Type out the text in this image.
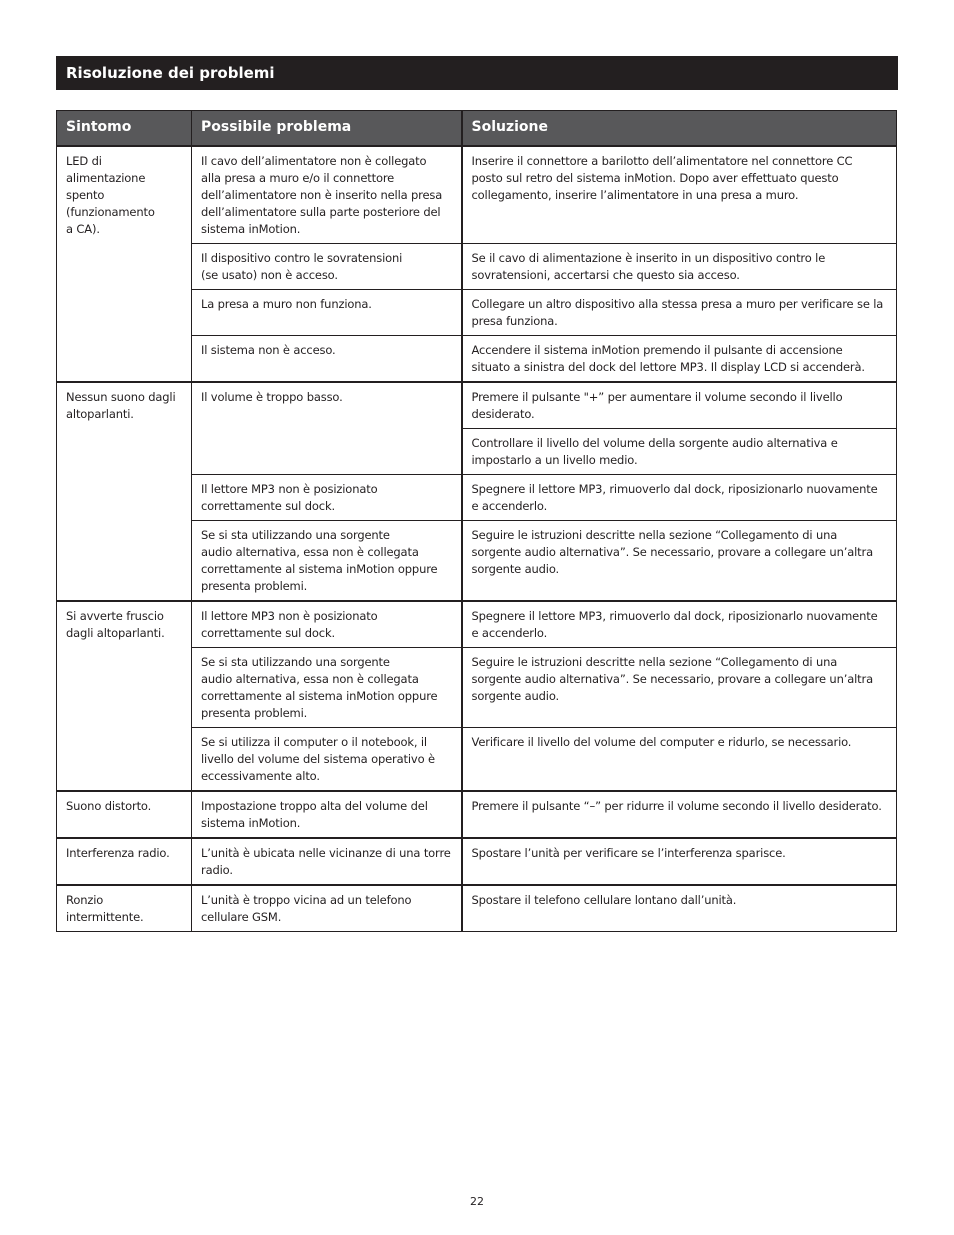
Risoluzione dei problemi
Sintomo	Possibile problema	Soluzione
LED di
alimentazione
spento
(funzionamento
a CA).	Il cavo dell’alimentatore non è collegato
alla presa a muro e/o il connettore
dell’alimentatore non è inserito nella presa
dell’alimentatore sulla parte posteriore del
sistema inMotion.	Inserire il connettore a barilotto dell’alimentatore nel connettore CC
posto sul retro del sistema inMotion. Dopo aver effettuato questo
collegamento, inserire l’alimentatore in una presa a muro.
	Il dispositivo contro le sovratensioni
(se usato) non è acceso.	Se il cavo di alimentazione è inserito in un dispositivo contro le
sovratensioni, accertarsi che questo sia acceso.
	La presa a muro non funziona.	Collegare un altro dispositivo alla stessa presa a muro per verificare se la
presa funziona.
	Il sistema non è acceso.	Accendere il sistema inMotion premendo il pulsante di accensione
situato a sinistra del dock del lettore MP3. Il display LCD si accenderà.
Nessun suono dagli
altoparlanti.	Il volume è troppo basso.	Premere il pulsante "+” per aumentare il volume secondo il livello
desiderato.
		Controllare il livello del volume della sorgente audio alternativa e
impostarlo a un livello medio.
	Il lettore MP3 non è posizionato
correttamente sul dock.	Spegnere il lettore MP3, rimuoverlo dal dock, riposizionarlo nuovamente
e accenderlo.
	Se si sta utilizzando una sorgente
audio alternativa, essa non è collegata
correttamente al sistema inMotion oppure
presenta problemi.	Seguire le istruzioni descritte nella sezione “Collegamento di una
sorgente audio alternativa”. Se necessario, provare a collegare un’altra
sorgente audio.
Si avverte fruscio
dagli altoparlanti.	Il lettore MP3 non è posizionato
correttamente sul dock.	Spegnere il lettore MP3, rimuoverlo dal dock, riposizionarlo nuovamente
e accenderlo.
	Se si sta utilizzando una sorgente
audio alternativa, essa non è collegata
correttamente al sistema inMotion oppure
presenta problemi.	Seguire le istruzioni descritte nella sezione “Collegamento di una
sorgente audio alternativa”. Se necessario, provare a collegare un’altra
sorgente audio.
	Se si utilizza il computer o il notebook, il
livello del volume del sistema operativo è
eccessivamente alto.	Verificare il livello del volume del computer e ridurlo, se necessario.
Suono distorto.	Impostazione troppo alta del volume del
sistema inMotion.	Premere il pulsante “–” per ridurre il volume secondo il livello desiderato.
Interferenza radio.	L’unità è ubicata nelle vicinanze di una torre
radio.	Spostare l’unità per verificare se l’interferenza sparisce.
Ronzio
intermittente.	L’unità è troppo vicina ad un telefono
cellulare GSM.	Spostare il telefono cellulare lontano dall’unità.
22
